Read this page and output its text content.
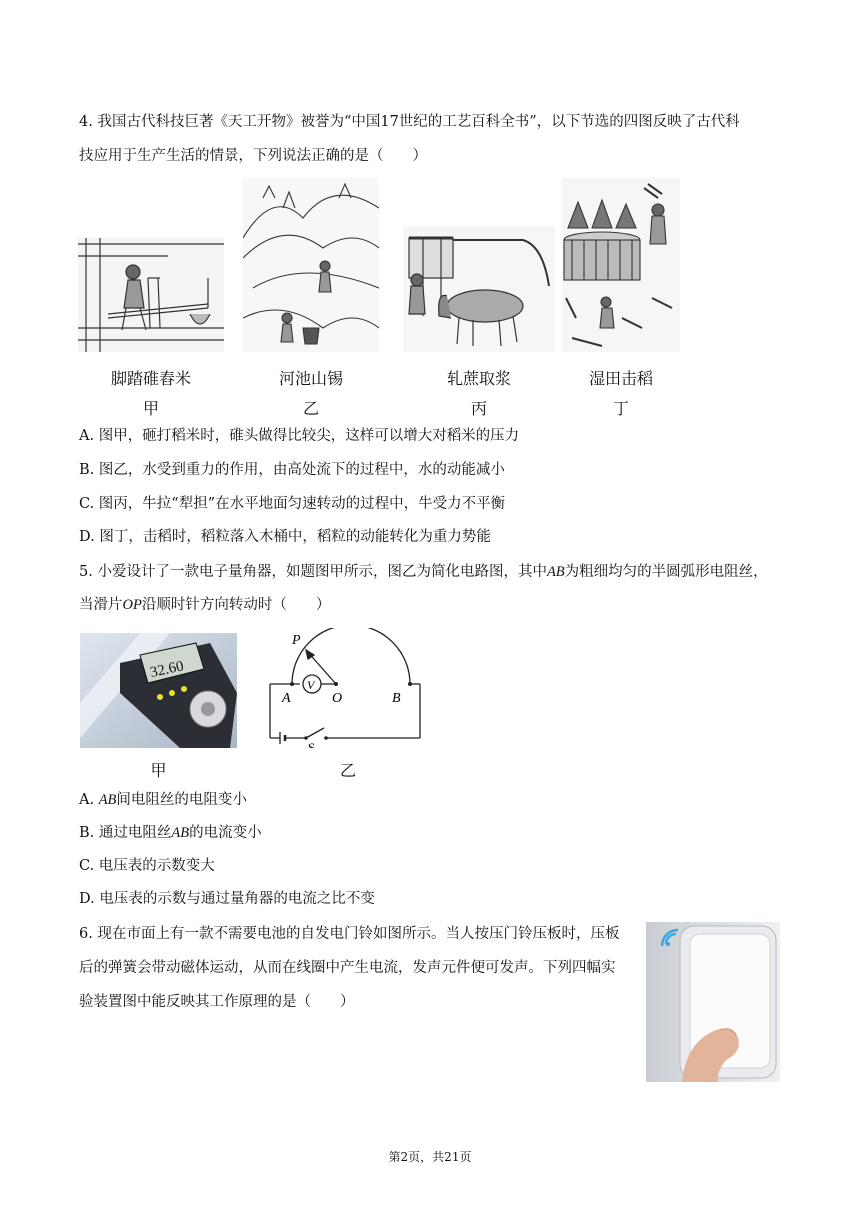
4. 我国古代科技巨著《天工开物》被誉为“中国17世纪的工艺百科全书”，以下节选的四图反映了古代科
技应用于生产生活的情景，下列说法正确的是（　　）
脚踏碓舂米	河池山锡	轧蔗取浆	湿田击稻
甲	乙	丙	丁
A. 图甲，砸打稻米时，碓头做得比较尖，这样可以增大对稻米的压力
B. 图乙，水受到重力的作用，由高处流下的过程中，水的动能减小
C. 图丙，牛拉“犁担”在水平地面匀速转动的过程中，牛受力不平衡
D. 图丁，击稻时，稻粒落入木桶中，稻粒的动能转化为重力势能
5. 小爱设计了一款电子量角器，如题图甲所示，图乙为简化电路图，其中AB为粗细均匀的半圆弧形电阻丝，
当滑片OP沿顺时针方向转动时（　　）
32.60
P
V
A	O	B
S
甲	乙
A. AB间电阻丝的电阻变小
B. 通过电阻丝AB的电流变小
C. 电压表的示数变大
D. 电压表的示数与通过量角器的电流之比不变
6. 现在市面上有一款不需要电池的自发电门铃如图所示。当人按压门铃压板时，压板
后的弹簧会带动磁体运动，从而在线圈中产生电流，发声元件便可发声。下列四幅实
验装置图中能反映其工作原理的是（　　）
第2页，共21页
